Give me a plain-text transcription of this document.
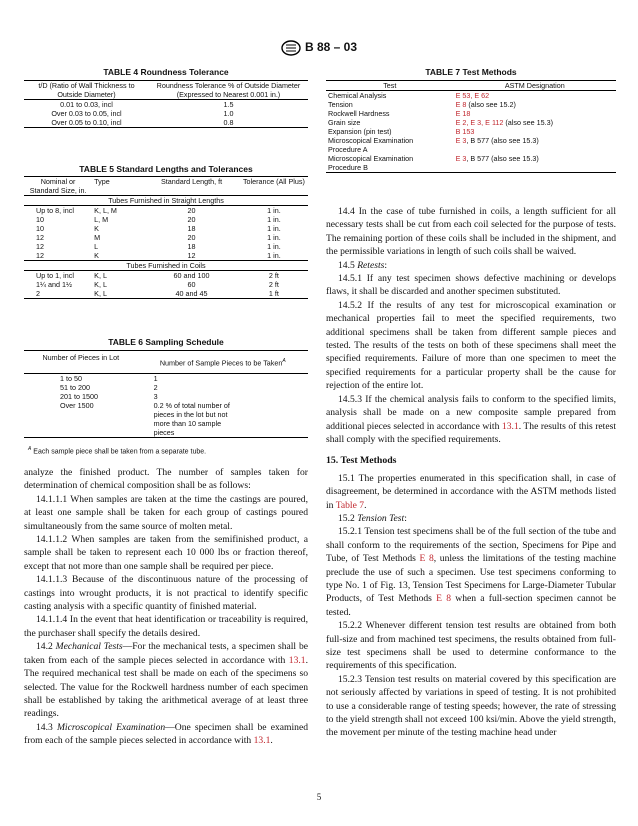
B 88 – 03
TABLE 4 Roundness Tolerance
t/D (Ratio of Wall Thickness to Outside Diameter)	Roundness Tolerance % of Outside Diameter (Expressed to Nearest 0.001 in.)
0.01 to 0.03, incl	1.5
Over 0.03 to 0.05, incl	1.0
Over 0.05 to 0.10, incl	0.8
TABLE 5 Standard Lengths and Tolerances
Nominal or Standard Size, in.	Type	Standard Length, ft	Tolerance (All Plus)
Tubes Furnished in Straight Lengths			
Up to 8, incl	K, L, M	20	1 in.
10	L, M	20	1 in.
10	K	18	1 in.
12	M	20	1 in.
12	L	18	1 in.
12	K	12	1 in.
Tubes Furnished in Coils			
Up to 1, incl	K, L	60 and 100	2 ft
1¼ and 1½	K, L	60	2 ft
2	K, L	40 and 45	1 ft
TABLE 6 Sampling Schedule
Number of Pieces in Lot	Number of Sample Pieces to be Taken$^A$
1 to 50	1
51 to 200	2
201 to 1500	3
Over 1500	0.2 % of total number of pieces in the lot but not more than 10 sample pieces
$^A$ Each sample piece shall be taken from a separate tube.
TABLE 7 Test Methods
Test	ASTM Designation
Chemical Analysis	E 53, E 62
Tension	E 8 (also see 15.2)
Rockwell Hardness	E 18
Grain size	E 2, E 3, E 112 (also see 15.3)
Expansion (pin test)	B 153
Microscopical Examination Procedure A	E 3, B 577 (also see 15.3)
Microscopical Examination Procedure B	E 3, B 577 (also see 15.3)

analyze the finished product. The number of samples taken for determination of chemical composition shall be as follows:

14.1.1.1 When samples are taken at the time the castings are poured, at least one sample shall be taken for each group of castings poured simultaneously from the same source of molten metal.

14.1.1.2 When samples are taken from the semifinished product, a sample shall be taken to represent each 10 000 lbs or fraction thereof, except that not more than one sample shall be required per piece.

14.1.1.3 Because of the discontinuous nature of the processing of castings into wrought products, it is not practical to identify specific casting analysis with a specific quantity of finished material.

14.1.1.4 In the event that heat identification or traceability is required, the purchaser shall specify the details desired.

14.2 Mechanical Tests—For the mechanical tests, a specimen shall be taken from each of the sample pieces selected in accordance with 13.1. The required mechanical test shall be made on each of the specimens so selected. The value for the Rockwell hardness number of each specimen shall be established by taking the arithmetical average of at least three readings.

14.3 Microscopical Examination—One specimen shall be examined from each of the sample pieces selected in accordance with 13.1.

14.4 In the case of tube furnished in coils, a length sufficient for all necessary tests shall be cut from each coil selected for the purpose of tests. The remaining portion of these coils shall be included in the shipment, and the permissible variations in length of such coils shall be waived.

14.5 Retests:

14.5.1 If any test specimen shows defective machining or develops flaws, it shall be discarded and another specimen substituted.

14.5.2 If the results of any test for microscopical examination or mechanical properties fail to meet the specified requirements, two additional specimens shall be taken from different sample pieces and tested. The results of the tests on both of these specimens shall meet the specified requirements. Failure of more than one specimen to meet the specified requirements for a particular property shall be the cause for rejection of the entire lot.

14.5.3 If the chemical analysis fails to conform to the specified limits, analysis shall be made on a new composite sample prepared from additional pieces selected in accordance with 13.1. The results of this retest shall comply with the specified requirements.

15. Test Methods

15.1 The properties enumerated in this specification shall, in case of disagreement, be determined in accordance with the ASTM methods listed in Table 7.

15.2 Tension Test:

15.2.1 Tension test specimens shall be of the full section of the tube and shall conform to the requirements of the section, Specimens for Pipe and Tube, of Test Methods E 8, unless the limitations of the testing machine preclude the use of such a specimen. Use test specimens conforming to type No. 1 of Fig. 13, Tension Test Specimens for Large-Diameter Tubular Products, of Test Methods E 8 when a full-section specimen cannot be tested.

15.2.2 Whenever different tension test results are obtained from both full-size and from machined test specimens, the results obtained from full-size test specimens shall be used to determine conformance to the requirements of this specification.

15.2.3 Tension test results on material covered by this specification are not seriously affected by variations in speed of testing. It is not prohibited to use a considerable range of testing speeds; however, the rate of stressing to the yield strength shall not exceed 100 ksi/min. Above the yield strength, the movement per minute of the testing machine head under

5
